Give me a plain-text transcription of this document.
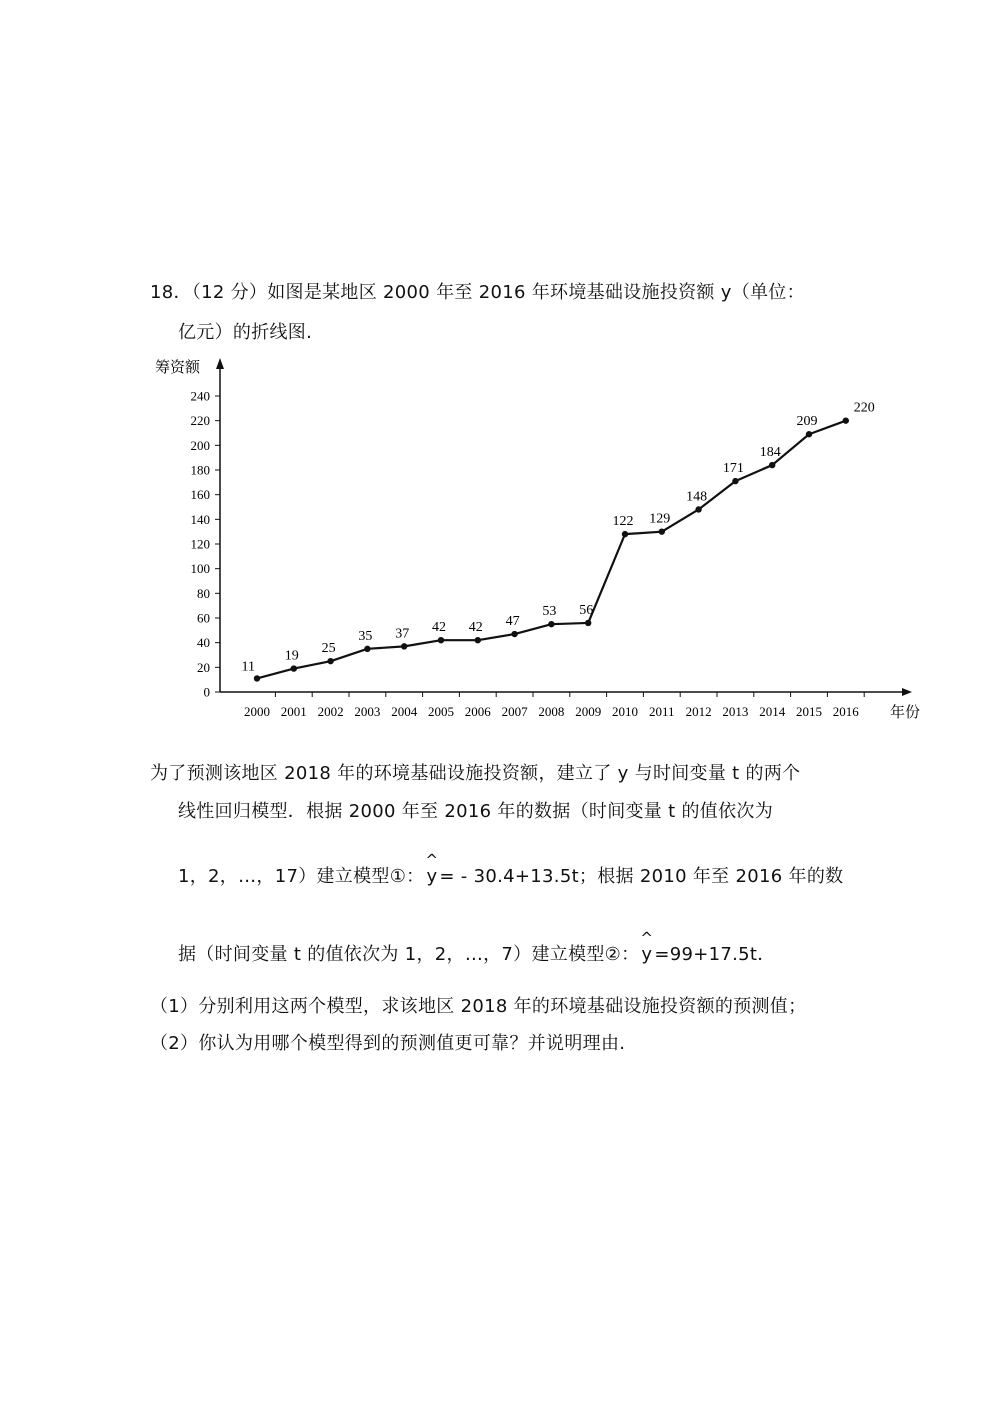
18．（12 分）如图是某地区 2000 年至 2016 年环境基础设施投资额 y（单位：
亿元）的折线图.
0
20
40
60
80
100
120
140
160
180
200
220
240
2000 2001 2002 2003 2004 2005 2006 2007 2008 2009 2010 2011 2012 2013 2014 2015 2016
11
19 25
35 37 42 42 47
53 56
122 129
148
171
184
209
220
筹资额
年份
为了预测该地区 2018 年的环境基础设施投资额，建立了 y 与时间变量 t 的两个
线性回归模型．根据 2000 年至 2016 年的数据（时间变量 t 的值依次为
1，2，…，17）建立模型①：
^
y = - 30.4+13.5t；根据 2010 年至 2016 年的数
据（时间变量 t 的值依次为 1，2，…，7）建立模型②：
^
y =99+17.5t．
（1）分别利用这两个模型，求该地区 2018 年的环境基础设施投资额的预测值；
（2）你认为用哪个模型得到的预测值更可靠？并说明理由.
